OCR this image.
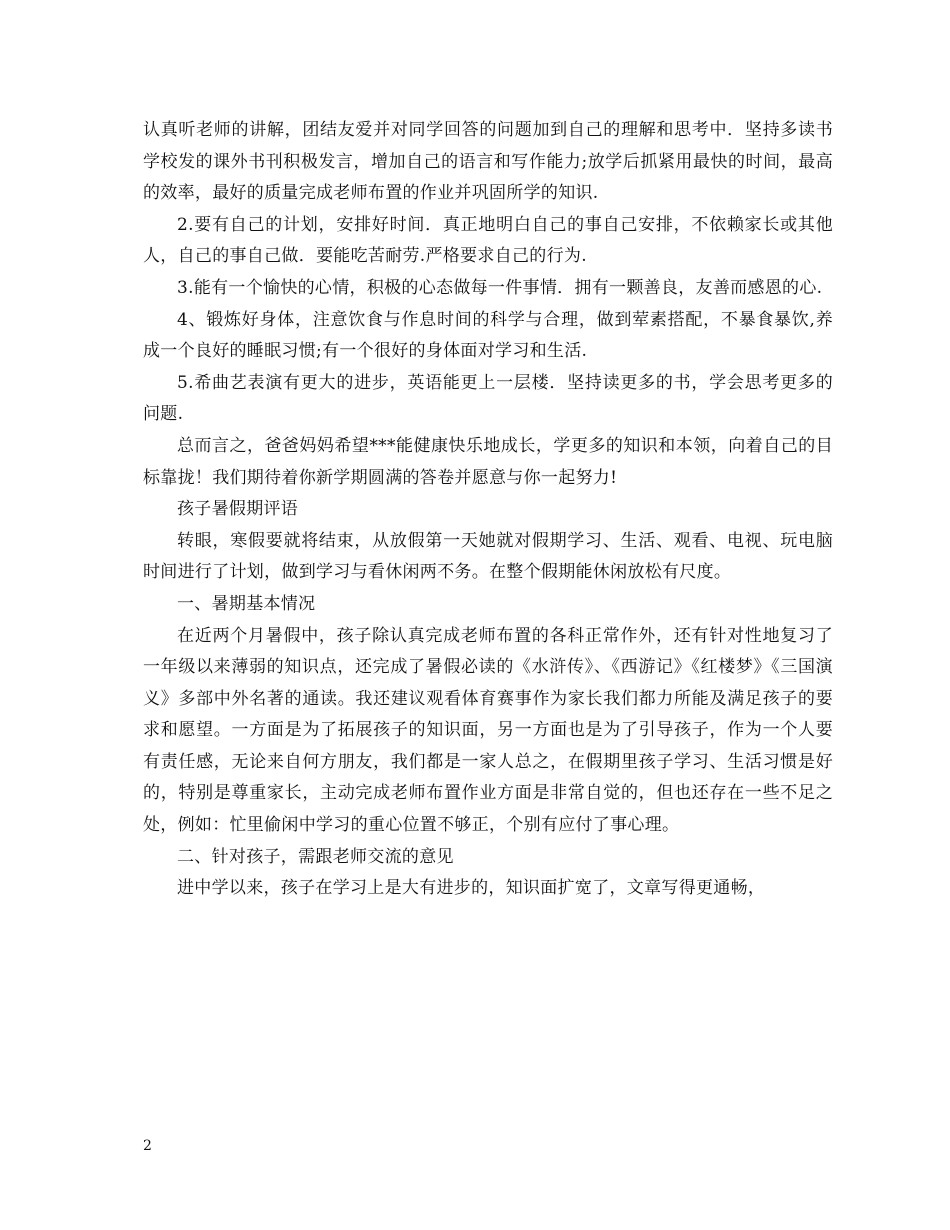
认真听老师的讲解，团结友爱并对同学回答的问题加到自己的理解和思考中．坚持多读书学校发的课外书刊积极发言，增加自己的语言和写作能力;放学后抓紧用最快的时间，最高的效率，最好的质量完成老师布置的作业并巩固所学的知识.

2.要有自己的计划，安排好时间．真正地明白自己的事自己安排，不依赖家长或其他人，自己的事自己做．要能吃苦耐劳.严格要求自己的行为.

3.能有一个愉快的心情，积极的心态做每一件事情．拥有一颗善良，友善而感恩的心.

4、锻炼好身体，注意饮食与作息时间的科学与合理，做到荤素搭配，不暴食暴饮,养成一个良好的睡眠习惯;有一个很好的身体面对学习和生活.

5.希曲艺表演有更大的进步，英语能更上一层楼．坚持读更多的书，学会思考更多的问题.

总而言之，爸爸妈妈希望***能健康快乐地成长，学更多的知识和本领，向着自己的目标靠拢！我们期待着你新学期圆满的答卷并愿意与你一起努力!

孩子暑假期评语

转眼，寒假要就将结束，从放假第一天她就对假期学习、生活、观看、电视、玩电脑时间进行了计划，做到学习与看休闲两不务。在整个假期能休闲放松有尺度。

一、暑期基本情况

在近两个月暑假中，孩子除认真完成老师布置的各科正常作外，还有针对性地复习了一年级以来薄弱的知识点，还完成了暑假必读的《水浒传》、《西游记》《红楼梦》《三国演义》多部中外名著的通读。我还建议观看体育赛事作为家长我们都力所能及满足孩子的要求和愿望。一方面是为了拓展孩子的知识面，另一方面也是为了引导孩子，作为一个人要有责任感，无论来自何方朋友，我们都是一家人总之，在假期里孩子学习、生活习惯是好的，特别是尊重家长，主动完成老师布置作业方面是非常自觉的，但也还存在一些不足之处，例如：忙里偷闲中学习的重心位置不够正，个别有应付了事心理。

二、针对孩子，需跟老师交流的意见

进中学以来，孩子在学习上是大有进步的，知识面扩宽了，文章写得更通畅，

2
